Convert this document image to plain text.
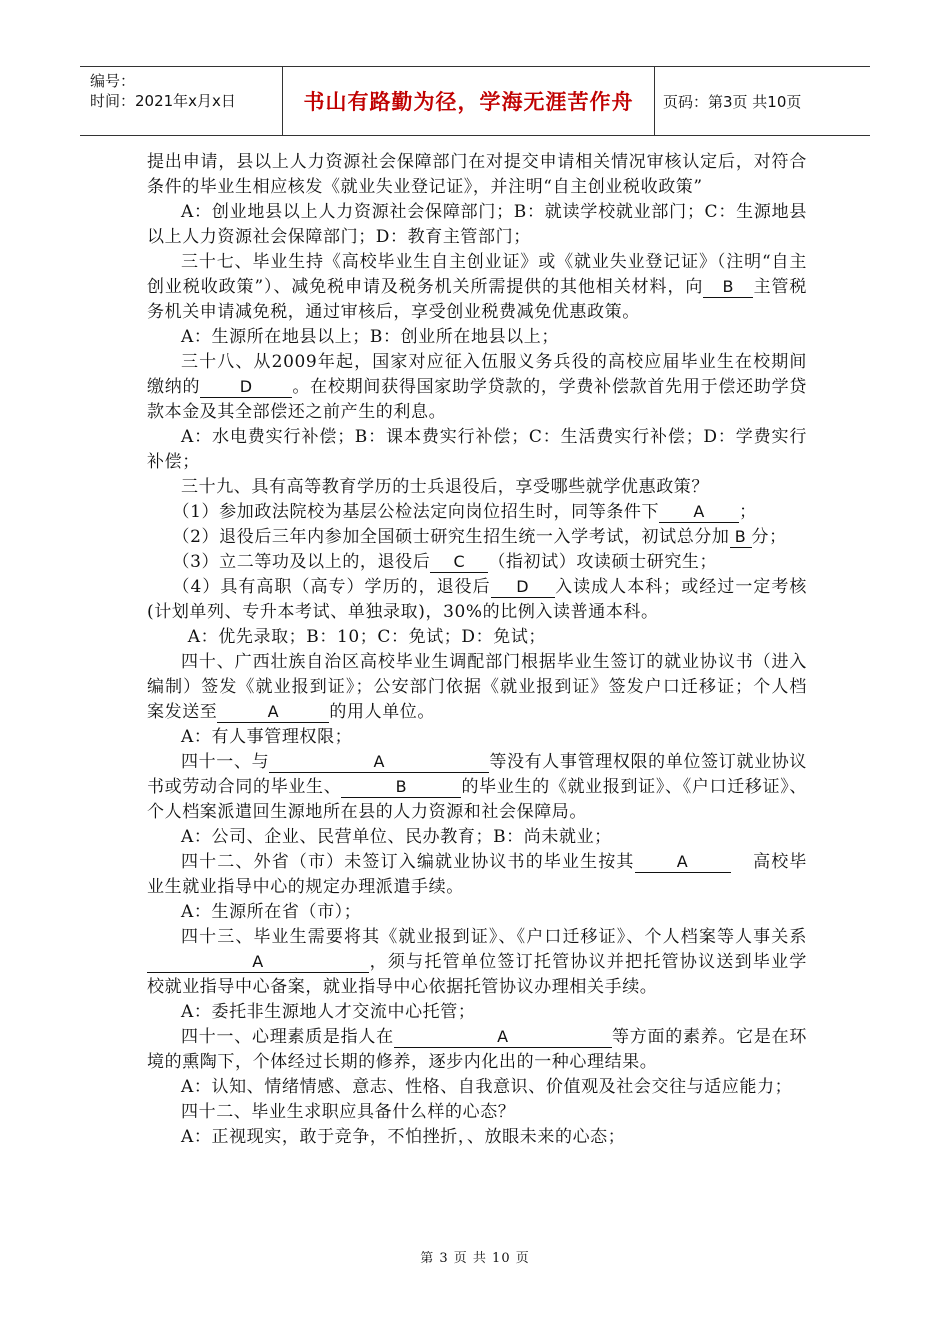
编号：
时间：2021年x月x日	书山有路勤为径，学海无涯苦作舟	页码：第3页 共10页

提出申请，县以上人力资源社会保障部门在对提交申请相关情况审核认定后，对符合条件的毕业生相应核发《就业失业登记证》，并注明“自主创业税收政策”

A：创业地县以上人力资源社会保障部门；B：就读学校就业部门；C：生源地县以上人力资源社会保障部门；D：教育主管部门；

三十七、毕业生持《高校毕业生自主创业证》或《就业失业登记证》（注明“自主创业税收政策”）、减免税申请及税务机关所需提供的其他相关材料，向 B 主管税务机关申请减免税，通过审核后，享受创业税费减免优惠政策。

A：生源所在地县以上；B：创业所在地县以上；

三十八、从2009年起，国家对应征入伍服义务兵役的高校应届毕业生在校期间缴纳的 D 。在校期间获得国家助学贷款的，学费补偿款首先用于偿还助学贷款本金及其全部偿还之前产生的利息。

A：水电费实行补偿；B：课本费实行补偿；C：生活费实行补偿；D：学费实行补偿；

三十九、具有高等教育学历的士兵退役后，享受哪些就学优惠政策？

（1）参加政法院校为基层公检法定向岗位招生时，同等条件下 A ；

（2）退役后三年内参加全国硕士研究生招生统一入学考试，初试总分加 B 分；

（3）立二等功及以上的，退役后 C （指初试）攻读硕士研究生；

（4）具有高职（高专）学历的，退役后 D 入读成人本科；或经过一定考核(计划单列、专升本考试、单独录取)，30%的比例入读普通本科。

A：优先录取；B：10；C：免试；D：免试；

四十、广西壮族自治区高校毕业生调配部门根据毕业生签订的就业协议书（进入编制）签发《就业报到证》；公安部门依据《就业报到证》签发户口迁移证；个人档案发送至	A	的用人单位。

A：有人事管理权限；

四十一、与	A	等没有人事管理权限的单位签订就业协议书或劳动合同的毕业生、	B	的毕业生的《就业报到证》、《户口迁移证》、个人档案派遣回生源地所在县的人力资源和社会保障局。

A：公司、企业、民营单位、民办教育；B：尚未就业；

四十二、外省（市）未签订入编就业协议书的毕业生按其	A	高校毕业生就业指导中心的规定办理派遣手续。

A：生源所在省（市）；

四十三、毕业生需要将其《就业报到证》、《户口迁移证》、个人档案等人事关系A	，须与托管单位签订托管协议并把托管协议送到毕业学校就业指导中心备案，就业指导中心依据托管协议办理相关手续。

A：委托非生源地人才交流中心托管；

四十一、心理素质是指人在	A	等方面的素养。它是在环境的熏陶下，个体经过长期的修养，逐步内化出的一种心理结果。

A：认知、情绪情感、意志、性格、自我意识、价值观及社会交往与适应能力；

四十二、毕业生求职应具备什么样的心态？

A：正视现实，敢于竞争，不怕挫折，、放眼未来的心态；

第 3 页 共 10 页
